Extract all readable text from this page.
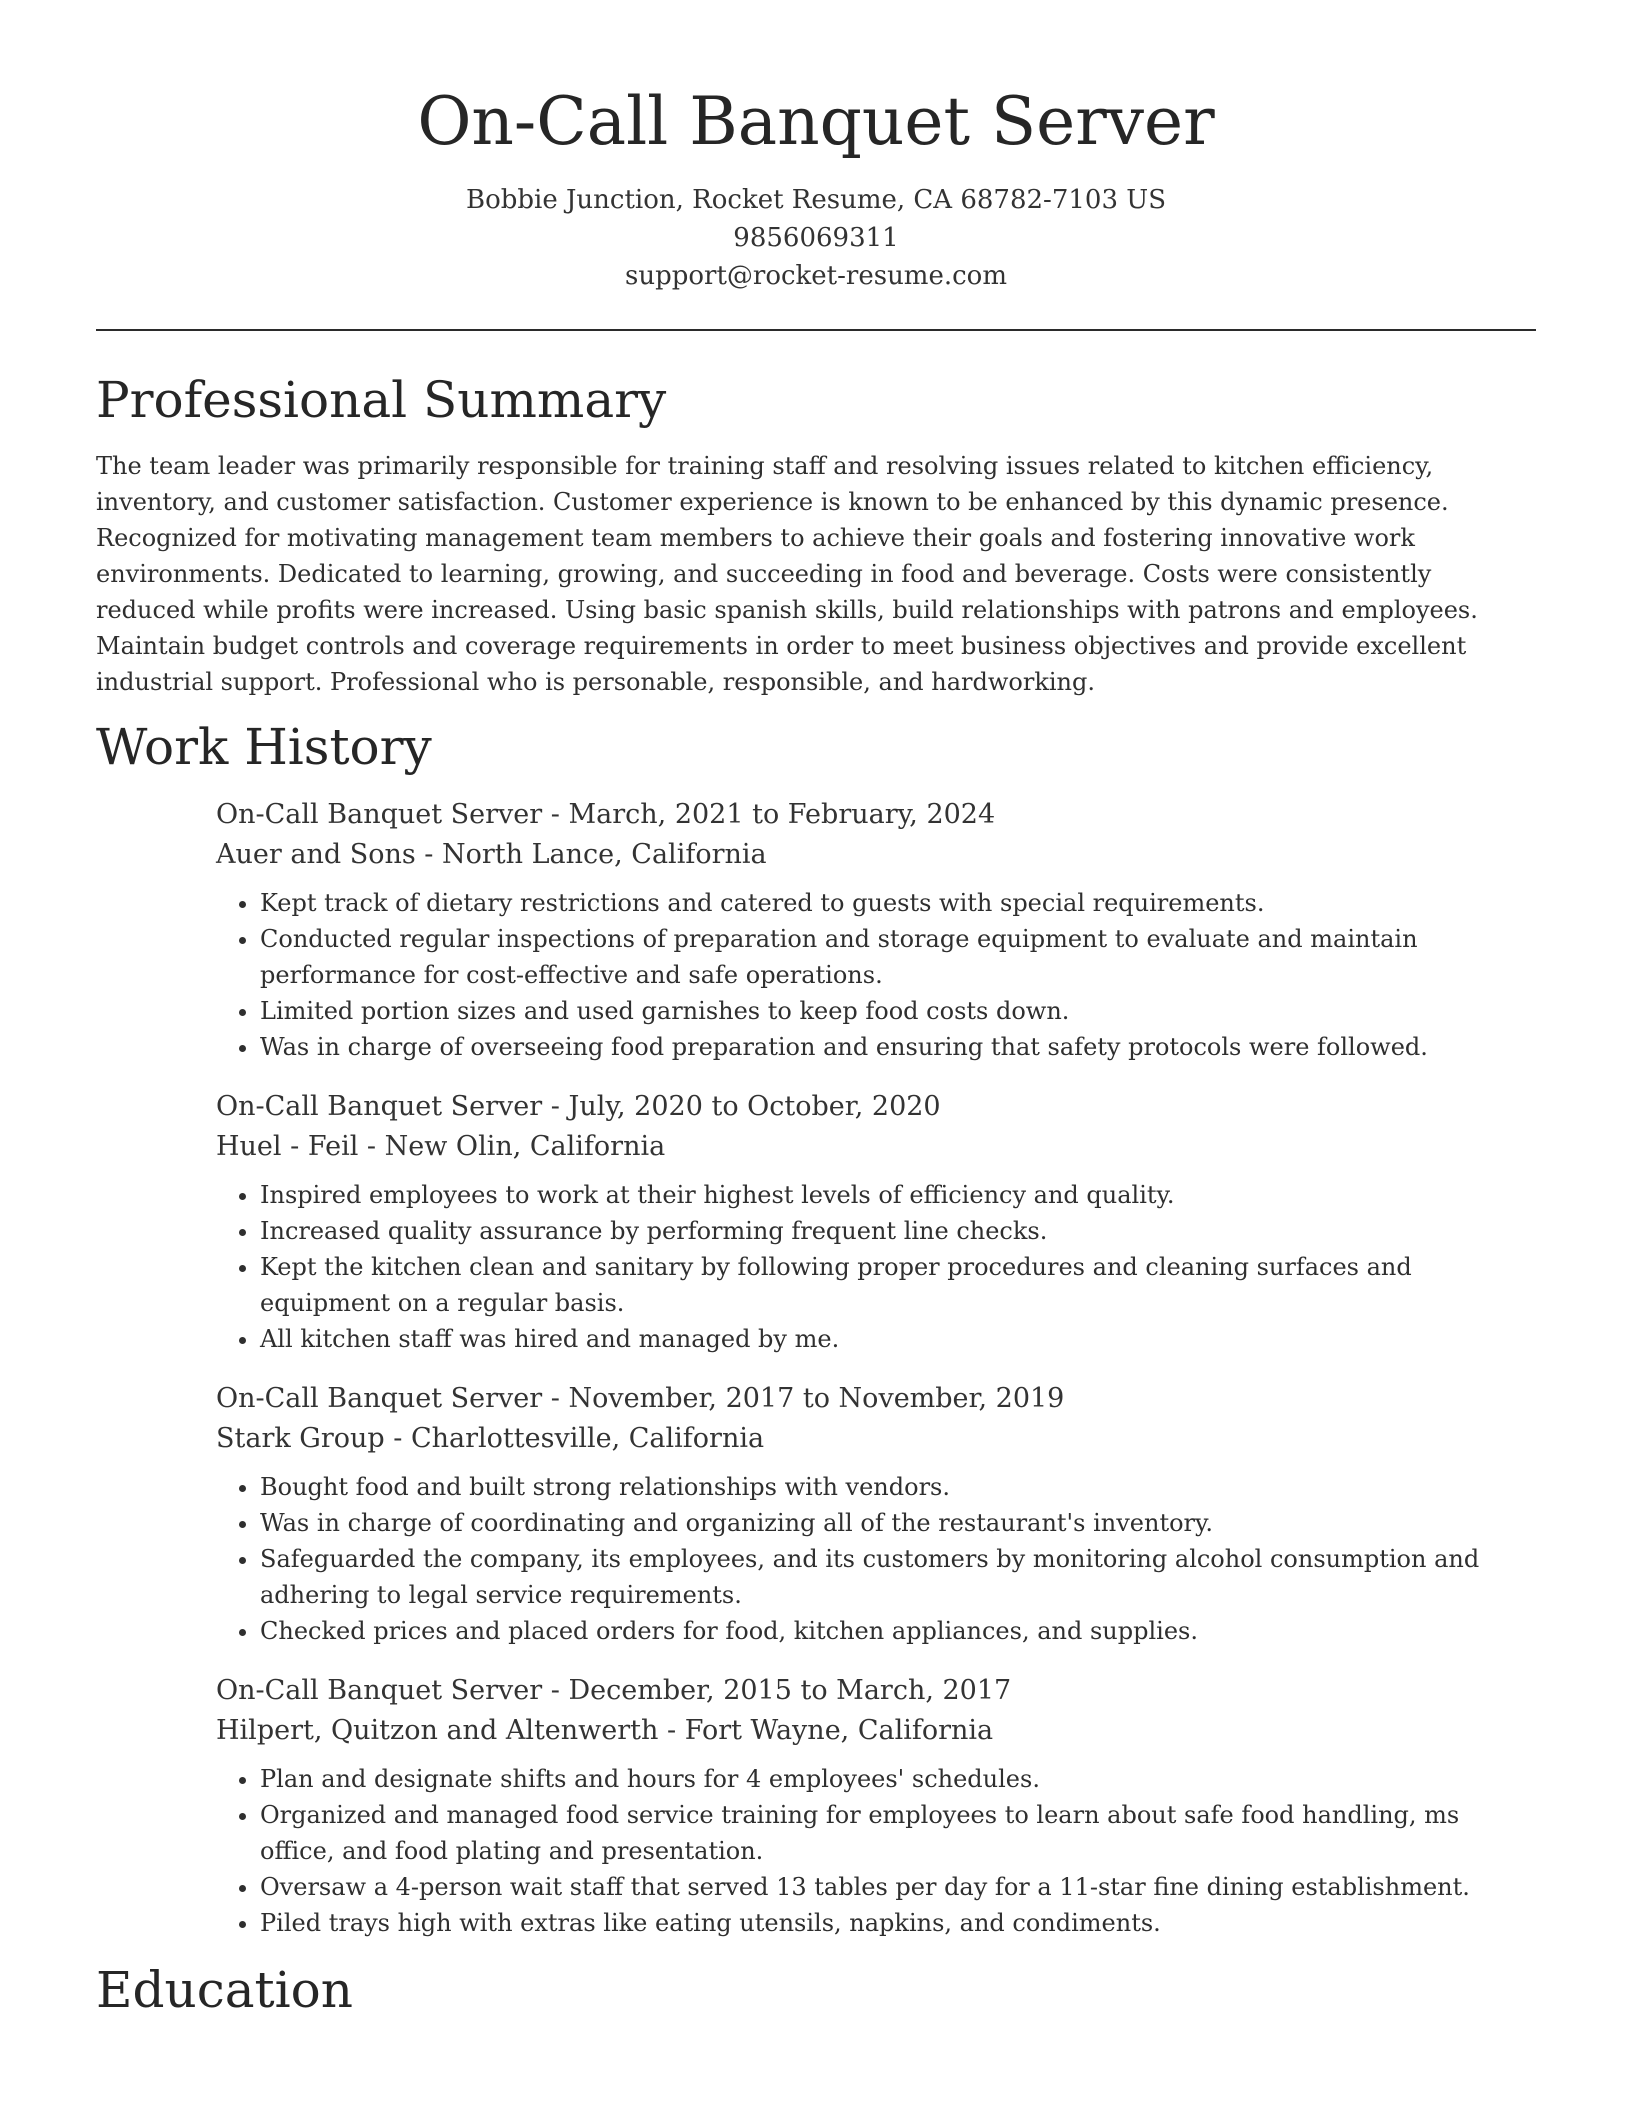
On-Call Banquet Server
Bobbie Junction, Rocket Resume, CA 68782-7103 US
9856069311
support@rocket-resume.com
Professional Summary

The team leader was primarily responsible for training staff and resolving issues related to kitchen efficiency, inventory, and customer satisfaction. Customer experience is known to be enhanced by this dynamic presence. Recognized for motivating management team members to achieve their goals and fostering innovative work environments. Dedicated to learning, growing, and succeeding in food and beverage. Costs were consistently reduced while profits were increased. Using basic spanish skills, build relationships with patrons and employees. Maintain budget controls and coverage requirements in order to meet business objectives and provide excellent industrial support. Professional who is personable, responsible, and hardworking.

Work History
On-Call Banquet Server - March, 2021 to February, 2024
Auer and Sons - North Lance, California
• Kept track of dietary restrictions and catered to guests with special requirements.
• Conducted regular inspections of preparation and storage equipment to evaluate and maintain performance for cost-effective and safe operations.
• Limited portion sizes and used garnishes to keep food costs down.
• Was in charge of overseeing food preparation and ensuring that safety protocols were followed.
On-Call Banquet Server - July, 2020 to October, 2020
Huel - Feil - New Olin, California
• Inspired employees to work at their highest levels of efficiency and quality.
• Increased quality assurance by performing frequent line checks.
• Kept the kitchen clean and sanitary by following proper procedures and cleaning surfaces and equipment on a regular basis.
• All kitchen staff was hired and managed by me.
On-Call Banquet Server - November, 2017 to November, 2019
Stark Group - Charlottesville, California
• Bought food and built strong relationships with vendors.
• Was in charge of coordinating and organizing all of the restaurant's inventory.
• Safeguarded the company, its employees, and its customers by monitoring alcohol consumption and adhering to legal service requirements.
• Checked prices and placed orders for food, kitchen appliances, and supplies.
On-Call Banquet Server - December, 2015 to March, 2017
Hilpert, Quitzon and Altenwerth - Fort Wayne, California
• Plan and designate shifts and hours for 4 employees' schedules.
• Organized and managed food service training for employees to learn about safe food handling, ms office, and food plating and presentation.
• Oversaw a 4-person wait staff that served 13 tables per day for a 11-star fine dining establishment.
• Piled trays high with extras like eating utensils, napkins, and condiments.
Education
